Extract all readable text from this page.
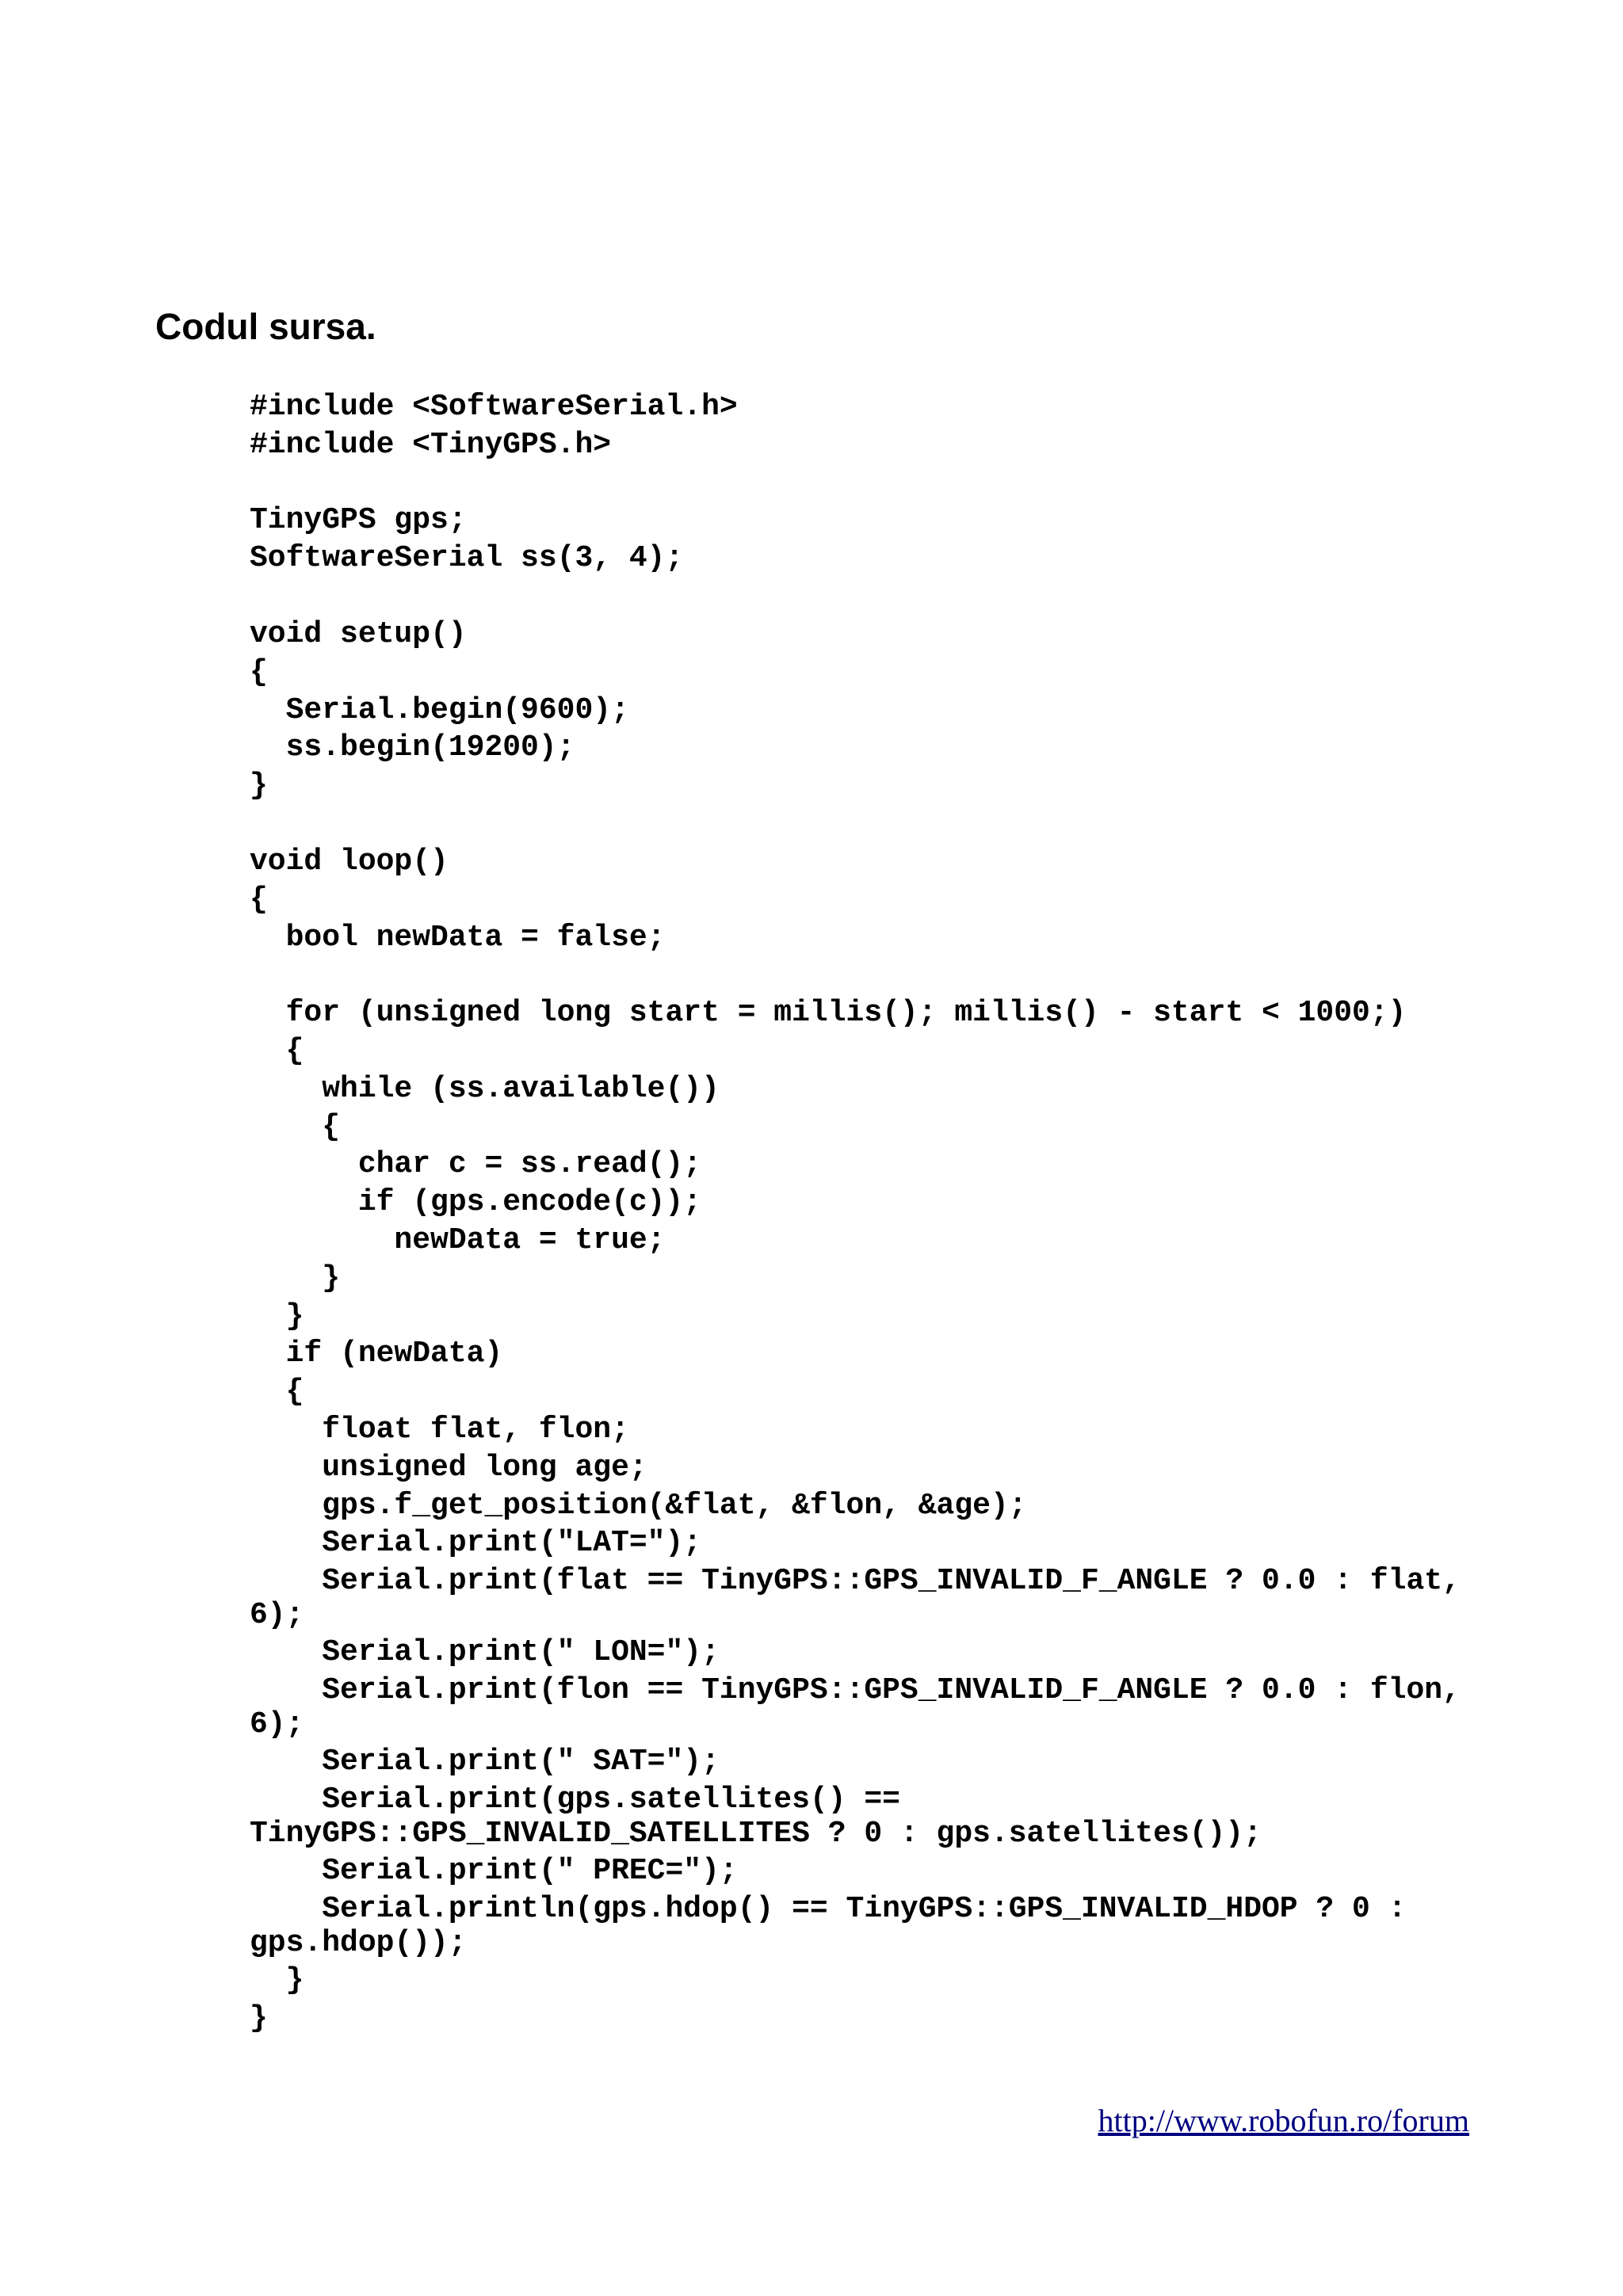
Codul sursa.
#include <SoftwareSerial.h>
#include <TinyGPS.h>
TinyGPS gps;
SoftwareSerial ss(3, 4);
void setup()
{
Serial.begin(9600);
ss.begin(19200);
}
void loop()
{
bool newData = false;
for (unsigned long start = millis(); millis() - start < 1000;)
{
while (ss.available())
{
char c = ss.read();
if (gps.encode(c));
newData = true;
}
}
if (newData)
{
float flat, flon;
unsigned long age;
gps.f_get_position(&flat, &flon, &age);
Serial.print("LAT=");
Serial.print(flat == TinyGPS::GPS_INVALID_F_ANGLE ? 0.0 : flat,
6);
Serial.print(" LON=");
Serial.print(flon == TinyGPS::GPS_INVALID_F_ANGLE ? 0.0 : flon,
6);
Serial.print(" SAT=");
Serial.print(gps.satellites() ==
TinyGPS::GPS_INVALID_SATELLITES ? 0 : gps.satellites());
Serial.print(" PREC=");
Serial.println(gps.hdop() == TinyGPS::GPS_INVALID_HDOP ? 0 :
gps.hdop());
}
}
http://www.robofun.ro/forum
